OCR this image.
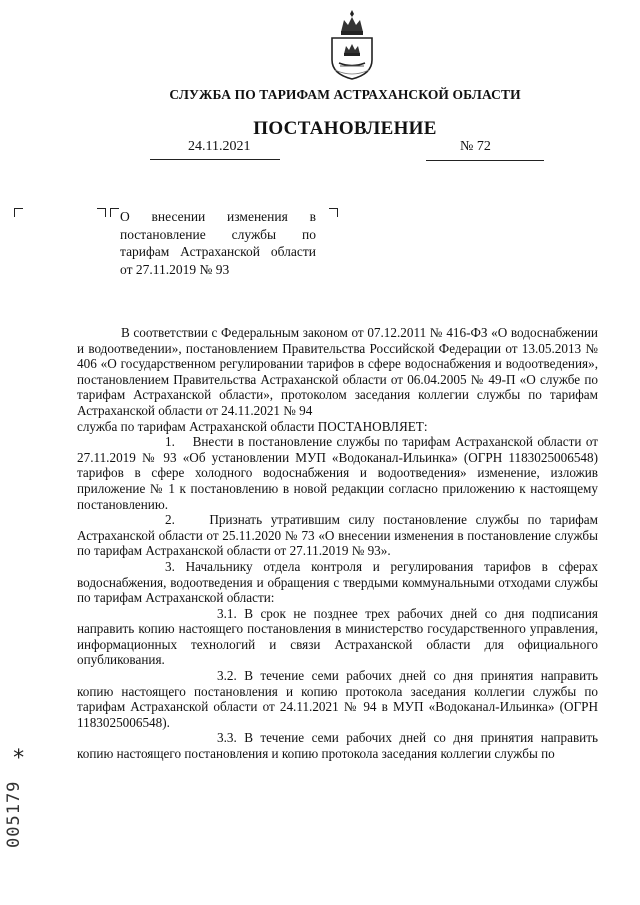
СЛУЖБА ПО ТАРИФАМ АСТРАХАНСКОЙ ОБЛАСТИ
ПОСТАНОВЛЕНИЕ
24.11.2021	№ 72
О внесении изменения в постановление службы по тарифам Астраханской области от 27.11.2019 № 93

В соответствии с Федеральным законом от 07.12.2011 № 416-ФЗ «О водоснабжении и водоотведении», постановлением Правительства Российской Федерации от 13.05.2013 № 406 «О государственном регулировании тарифов в сфере водоснабжения и водоотведения», постановлением Правительства Астраханской области от 06.04.2005 № 49-П «О службе по тарифам Астраханской области», протоколом заседания коллегии службы по тарифам Астраханской области от 24.11.2021 № 94

служба по тарифам Астраханской области ПОСТАНОВЛЯЕТ:

1. Внести в постановление службы по тарифам Астраханской области от 27.11.2019 № 93 «Об установлении МУП «Водоканал-Ильинка» (ОГРН 1183025006548) тарифов в сфере холодного водоснабжения и водоотведения» изменение, изложив приложение № 1 к постановлению в новой редакции согласно приложению к настоящему постановлению.

2.	Признать утратившим силу постановление службы по тарифам Астраханской области от 25.11.2020 № 73 «О внесении изменения в постановление службы по тарифам Астраханской области от 27.11.2019 № 93».

3. Начальнику отдела контроля и регулирования тарифов в сферах водоснабжения, водоотведения и обращения с твердыми коммунальными отходами службы по тарифам Астраханской области:

3.1. В срок не позднее трех рабочих дней со дня подписания направить копию настоящего постановления в министерство государственного управления, информационных технологий и связи Астраханской области для официального опубликования.

3.2. В течение семи рабочих дней со дня принятия направить копию настоящего постановления и копию протокола заседания коллегии службы по тарифам Астраханской области от 24.11.2021 № 94 в МУП «Водоканал-Ильинка» (ОГРН 1183025006548).

3.3. В течение семи рабочих дней со дня принятия направить копию настоящего постановления и копию протокола заседания коллегии службы по

*
005179
